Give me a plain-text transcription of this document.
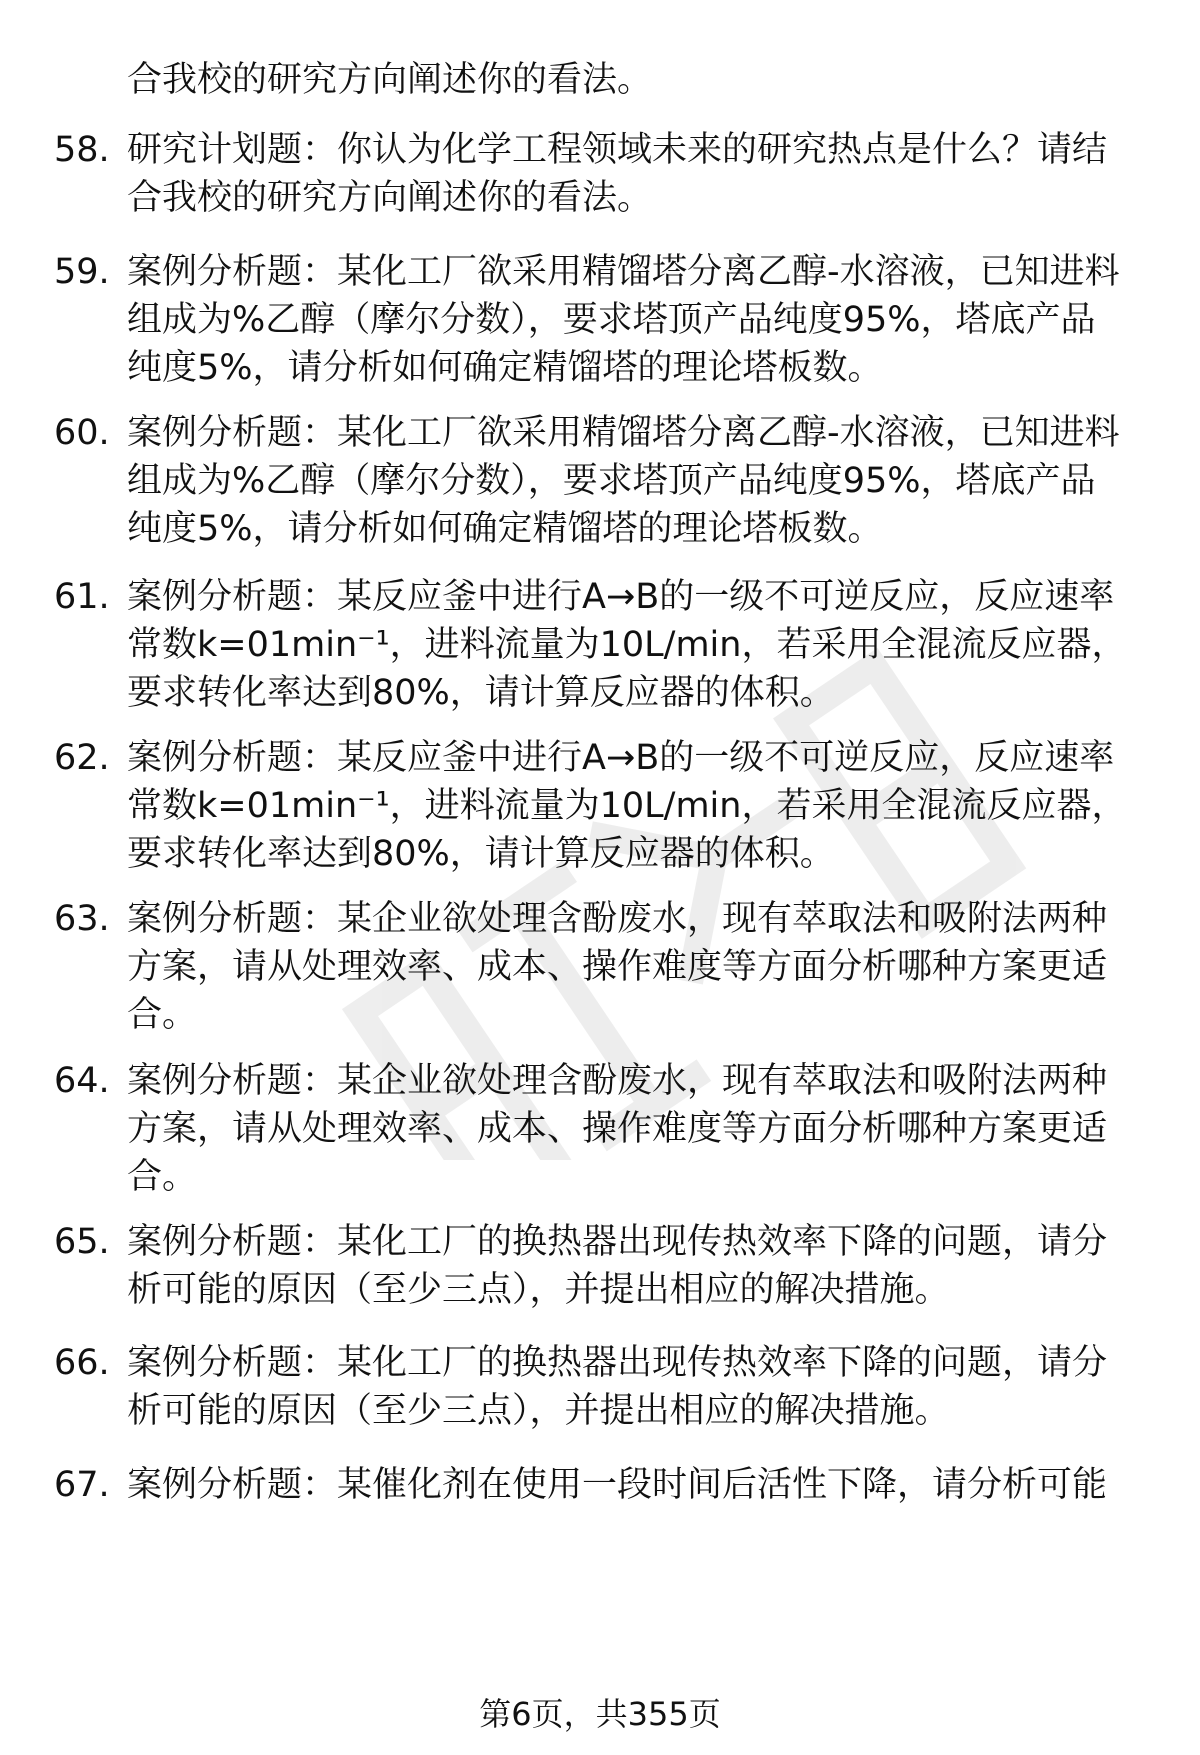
合我校的研究方向阐述你的看法。
58. 研究计划题：你认为化学工程领域未来的研究热点是什么？请结
合我校的研究方向阐述你的看法。
59. 案例分析题：某化工厂欲采用精馏塔分离乙醇-水溶液，已知进料
组成为%乙醇（摩尔分数），要求塔顶产品纯度95%，塔底产品
纯度5%，请分析如何确定精馏塔的理论塔板数。
60. 案例分析题：某化工厂欲采用精馏塔分离乙醇-水溶液，已知进料
组成为%乙醇（摩尔分数），要求塔顶产品纯度95%，塔底产品
纯度5%，请分析如何确定精馏塔的理论塔板数。
61. 案例分析题：某反应釜中进行A→B的一级不可逆反应，反应速率
常数k=01min⁻¹，进料流量为10L/min，若采用全混流反应器，
要求转化率达到80%，请计算反应器的体积。
62. 案例分析题：某反应釜中进行A→B的一级不可逆反应，反应速率
常数k=01min⁻¹，进料流量为10L/min，若采用全混流反应器，
要求转化率达到80%，请计算反应器的体积。
63. 案例分析题：某企业欲处理含酚废水，现有萃取法和吸附法两种
方案，请从处理效率、成本、操作难度等方面分析哪种方案更适
合。
64. 案例分析题：某企业欲处理含酚废水，现有萃取法和吸附法两种
方案，请从处理效率、成本、操作难度等方面分析哪种方案更适
合。
65. 案例分析题：某化工厂的换热器出现传热效率下降的问题，请分
析可能的原因（至少三点），并提出相应的解决措施。
66. 案例分析题：某化工厂的换热器出现传热效率下降的问题，请分
析可能的原因（至少三点），并提出相应的解决措施。
67. 案例分析题：某催化剂在使用一段时间后活性下降，请分析可能
第6页，共355页
